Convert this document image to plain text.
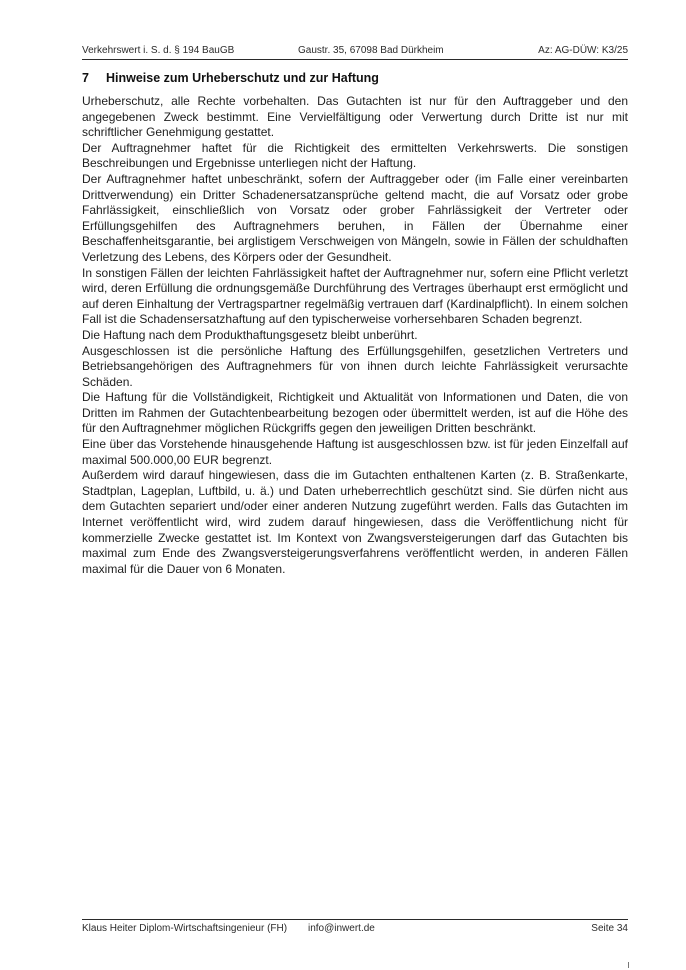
Verkehrswert i. S. d. § 194 BauGB	Gaustr. 35, 67098 Bad Dürkheim	Az: AG-DÜW: K3/25
7 Hinweise zum Urheberschutz und zur Haftung

Urheberschutz, alle Rechte vorbehalten. Das Gutachten ist nur für den Auftraggeber und den angegebenen Zweck bestimmt. Eine Vervielfältigung oder Verwertung durch Dritte ist nur mit schriftlicher Genehmigung gestattet.

Der Auftragnehmer haftet für die Richtigkeit des ermittelten Verkehrswerts. Die sonstigen Beschreibungen und Ergebnisse unterliegen nicht der Haftung.

Der Auftragnehmer haftet unbeschränkt, sofern der Auftraggeber oder (im Falle einer vereinbarten Drittverwendung) ein Dritter Schadenersatzansprüche geltend macht, die auf Vorsatz oder grobe Fahrlässigkeit, einschließlich von Vorsatz oder grober Fahrlässigkeit der Vertreter oder Erfüllungsgehilfen des Auftragnehmers beruhen, in Fällen der Übernahme einer Beschaffenheitsgarantie, bei arglistigem Verschweigen von Mängeln, sowie in Fällen der schuldhaften Verletzung des Lebens, des Körpers oder der Gesundheit.

In sonstigen Fällen der leichten Fahrlässigkeit haftet der Auftragnehmer nur, sofern eine Pflicht verletzt wird, deren Erfüllung die ordnungsgemäße Durchführung des Vertrages überhaupt erst ermöglicht und auf deren Einhaltung der Vertragspartner regelmäßig vertrauen darf (Kardinalpflicht). In einem solchen Fall ist die Schadensersatzhaftung auf den typischerweise vorhersehbaren Schaden begrenzt.

Die Haftung nach dem Produkthaftungsgesetz bleibt unberührt.

Ausgeschlossen ist die persönliche Haftung des Erfüllungsgehilfen, gesetzlichen Vertreters und Betriebsangehörigen des Auftragnehmers für von ihnen durch leichte Fahrlässigkeit verursachte Schäden.

Die Haftung für die Vollständigkeit, Richtigkeit und Aktualität von Informationen und Daten, die von Dritten im Rahmen der Gutachtenbearbeitung bezogen oder übermittelt werden, ist auf die Höhe des für den Auftragnehmer möglichen Rückgriffs gegen den jeweiligen Dritten beschränkt.

Eine über das Vorstehende hinausgehende Haftung ist ausgeschlossen bzw. ist für jeden Einzelfall auf maximal 500.000,00 EUR begrenzt.

Außerdem wird darauf hingewiesen, dass die im Gutachten enthaltenen Karten (z. B. Straßenkarte, Stadtplan, Lageplan, Luftbild, u. ä.) und Daten urheberrechtlich geschützt sind. Sie dürfen nicht aus dem Gutachten separiert und/oder einer anderen Nutzung zugeführt werden. Falls das Gutachten im Internet veröffentlicht wird, wird zudem darauf hingewiesen, dass die Veröffentlichung nicht für kommerzielle Zwecke gestattet ist. Im Kontext von Zwangsversteigerungen darf das Gutachten bis maximal zum Ende des Zwangsversteigerungsverfahrens veröffentlicht werden, in anderen Fällen maximal für die Dauer von 6 Monaten.

Klaus Heiter Diplom-Wirtschaftsingenieur (FH) info@inwert.de	Seite 34
